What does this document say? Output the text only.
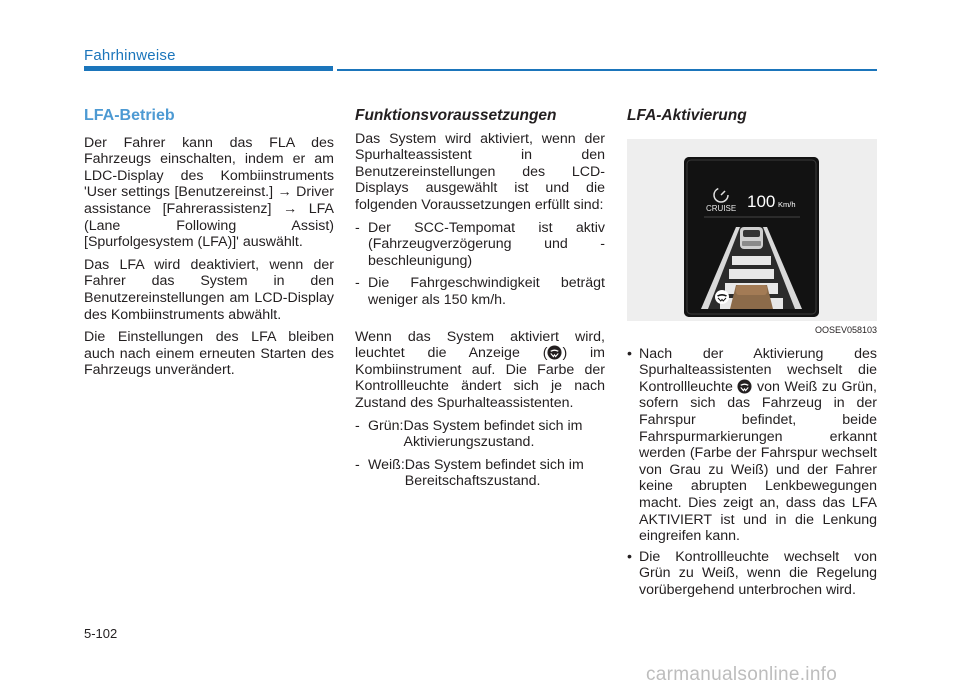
Fahrhinweise
LFA-Betrieb

Der Fahrer kann das FLA des Fahrzeugs einschalten, indem er am LDC-Display des Kombiinstruments 'User settings [Benutzereinst.] → Driver assistance [Fahrerassistenz] → LFA (Lane Following Assist) [Spurfolgesystem (LFA)]' auswählt.

Das LFA wird deaktiviert, wenn der Fahrer das System in den Benutzereinstellungen am LCD-Display des Kombiinstruments abwählt.

Die Einstellungen des LFA bleiben auch nach einem erneuten Starten des Fahrzeugs unverändert.

Funktionsvoraussetzungen

Das System wird aktiviert, wenn der Spurhalteassistent in den Benutzereinstellungen des LCD-Displays ausgewählt ist und die folgenden Voraussetzungen erfüllt sind:

- Der SCC-Tempomat ist aktiv (Fahrzeugverzögerung und -beschleunigung)
- Die Fahrgeschwindigkeit beträgt weniger als 150 km/h.

Wenn das System aktiviert wird, leuchtet die Anzeige ( ) im Kombiinstrument auf. Die Farbe der Kontrollleuchte ändert sich je nach Zustand des Spurhalteassistenten.

- Grün: Das System befindet sich im Aktivierungszustand.
- Weiß: Das System befindet sich im Bereitschaftszustand.
LFA-Aktivierung
CRUISE 100 Km/h
OOSEV058103
• Nach der Aktivierung des Spurhalteassistenten wechselt die Kontrollleuchte von Weiß zu Grün, sofern sich das Fahrzeug in der Fahrspur befindet, beide Fahrspurmarkierungen erkannt werden (Farbe der Fahrspur wechselt von Grau zu Weiß) und der Fahrer keine abrupten Lenkbewegungen macht. Dies zeigt an, dass das LFA AKTIVIERT ist und in die Lenkung eingreifen kann.
• Die Kontrollleuchte wechselt von Grün zu Weiß, wenn die Regelung vorübergehend unterbrochen wird.
5-102
carmanualsonline.info
